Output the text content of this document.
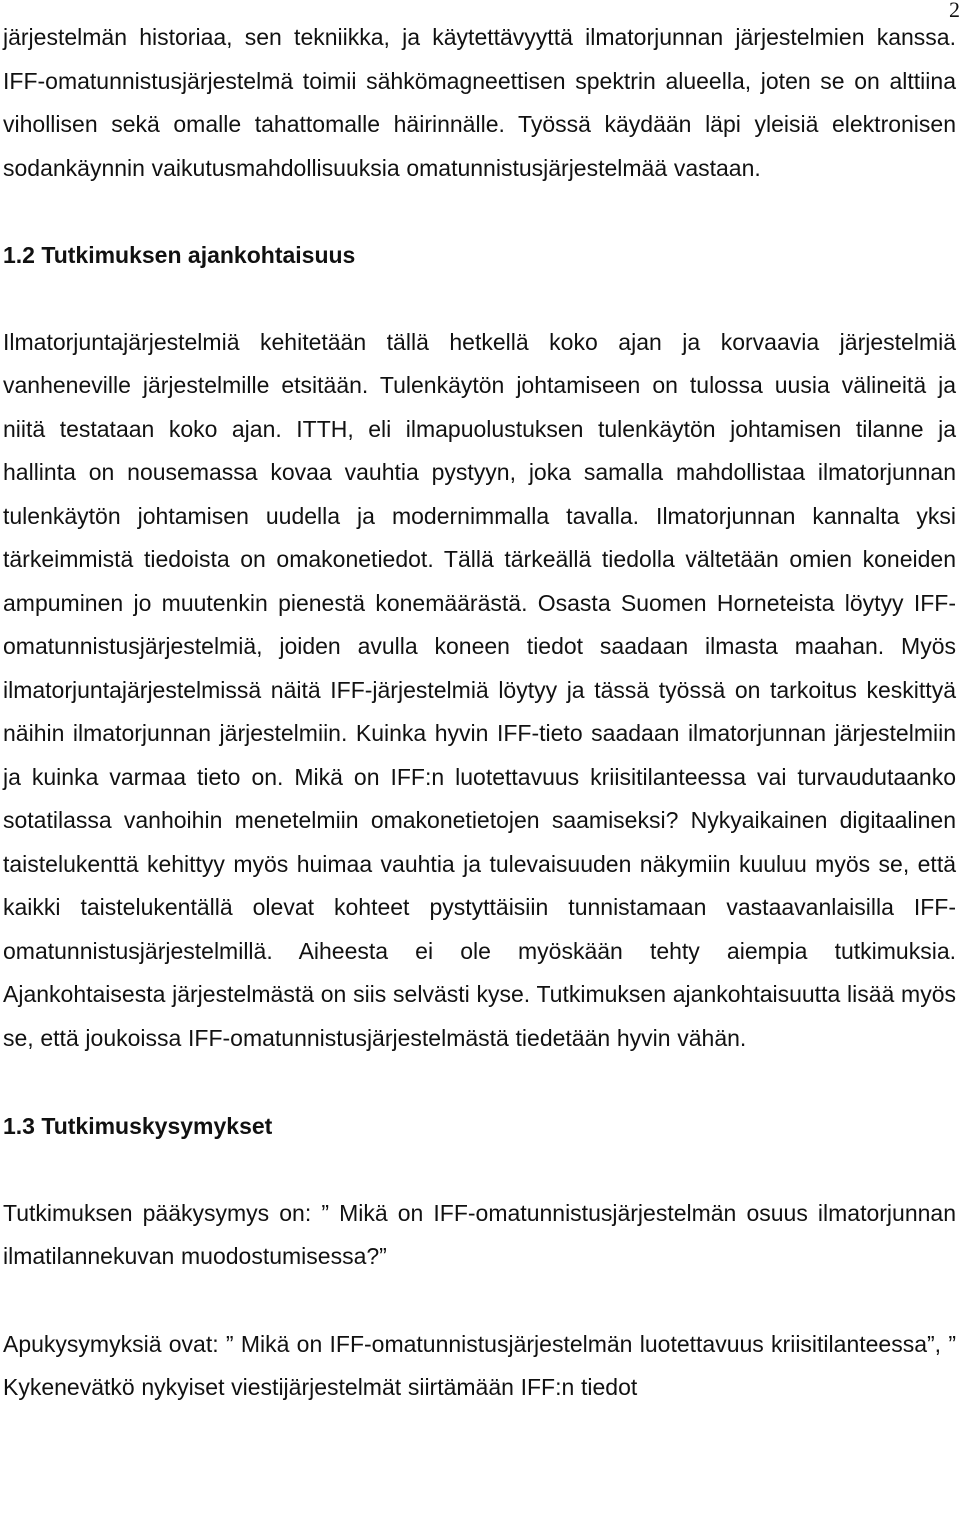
2

järjestelmän historiaa, sen tekniikka, ja käytettävyyttä ilmatorjunnan järjestelmien kanssa. IFF-omatunnistusjärjestelmä toimii sähkömagneettisen spektrin alueella, joten se on alttiina vihollisen sekä omalle tahattomalle häirinnälle. Työssä käydään läpi yleisiä elektronisen sodankäynnin vaikutusmahdollisuuksia omatunnistusjärjestelmää vastaan.

1.2 Tutkimuksen ajankohtaisuus

Ilmatorjuntajärjestelmiä kehitetään tällä hetkellä koko ajan ja korvaavia järjestelmiä vanheneville järjestelmille etsitään. Tulenkäytön johtamiseen on tulossa uusia välineitä ja niitä testataan koko ajan. ITTH, eli ilmapuolustuksen tulenkäytön johtamisen tilanne ja hallinta on nousemassa kovaa vauhtia pystyyn, joka samalla mahdollistaa ilmatorjunnan tulenkäytön johtamisen uudella ja modernimmalla tavalla. Ilmatorjunnan kannalta yksi tärkeimmistä tiedoista on omakonetiedot. Tällä tärkeällä tiedolla vältetään omien koneiden ampuminen jo muutenkin pienestä konemäärästä. Osasta Suomen Horneteista löytyy IFF-omatunnistusjärjestelmiä, joiden avulla koneen tiedot saadaan ilmasta maahan. Myös ilmatorjuntajärjestelmissä näitä IFF-järjestelmiä löytyy ja tässä työssä on tarkoitus keskittyä näihin ilmatorjunnan järjestelmiin. Kuinka hyvin IFF-tieto saadaan ilmatorjunnan järjestelmiin ja kuinka varmaa tieto on. Mikä on IFF:n luotettavuus kriisitilanteessa vai turvaudutaanko sotatilassa vanhoihin menetelmiin omakonetietojen saamiseksi? Nykyaikainen digitaalinen taistelukenttä kehittyy myös huimaa vauhtia ja tulevaisuuden näkymiin kuuluu myös se, että kaikki taistelukentällä olevat kohteet pystyttäisiin tunnistamaan vastaavanlaisilla IFF-omatunnistusjärjestelmillä. Aiheesta ei ole myöskään tehty aiempia tutkimuksia. Ajankohtaisesta järjestelmästä on siis selvästi kyse. Tutkimuksen ajankohtaisuutta lisää myös se, että joukoissa IFF-omatunnistusjärjestelmästä tiedetään hyvin vähän.

1.3 Tutkimuskysymykset

Tutkimuksen pääkysymys on: ” Mikä on IFF-omatunnistusjärjestelmän osuus ilmatorjunnan ilmatilannekuvan muodostumisessa?”

Apukysymyksiä ovat: ” Mikä on IFF-omatunnistusjärjestelmän luotettavuus kriisitilanteessa”, ” Kykenevätkö nykyiset viestijärjestelmät siirtämään IFF:n tiedot
